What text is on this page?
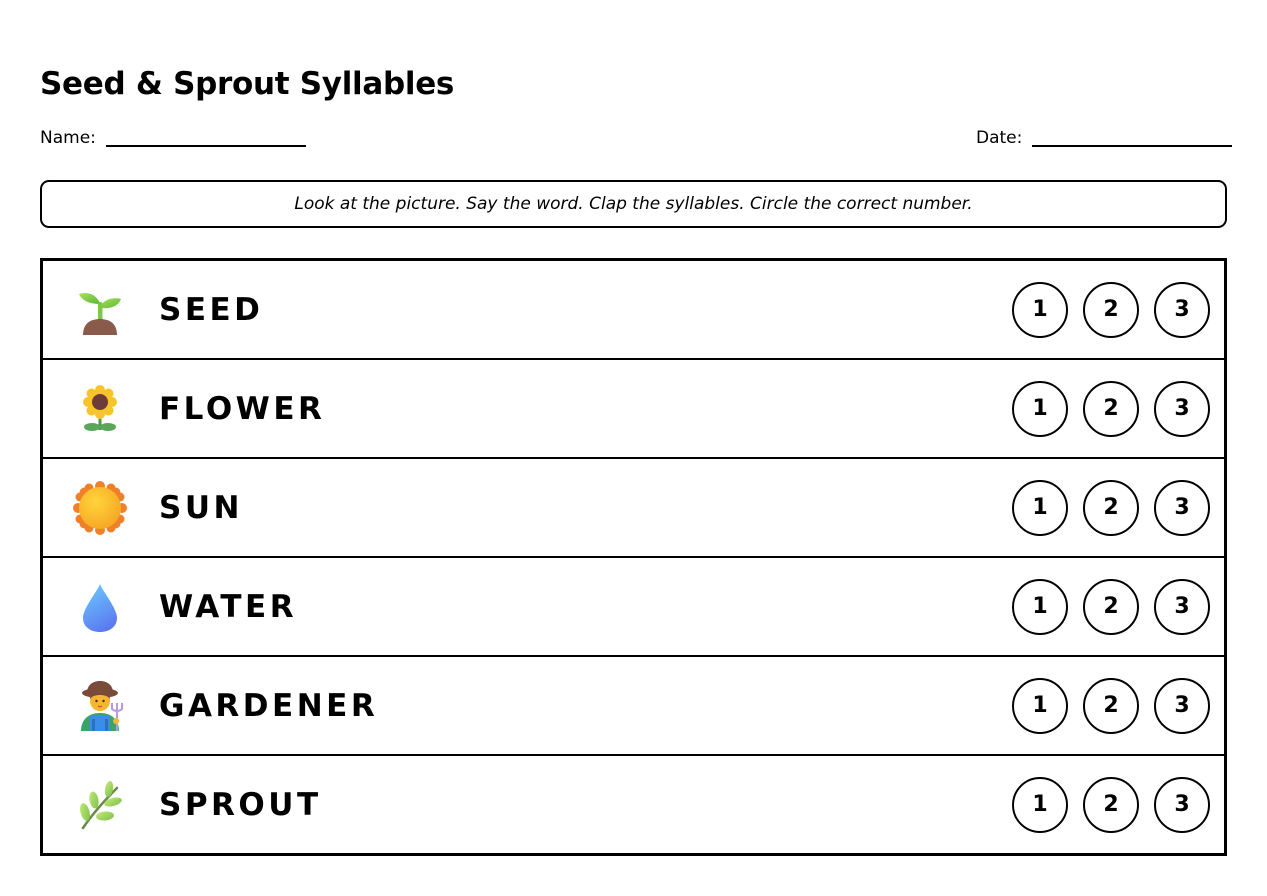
Seed & Sprout Syllables
Name:	Date:
Look at the picture. Say the word. Clap the syllables. Circle the correct number.
SEED	1	2	3
FLOWER	1	2	3
SUN	1	2	3
WATER	1	2	3
GARDENER	1	2	3
SPROUT	1	2	3
